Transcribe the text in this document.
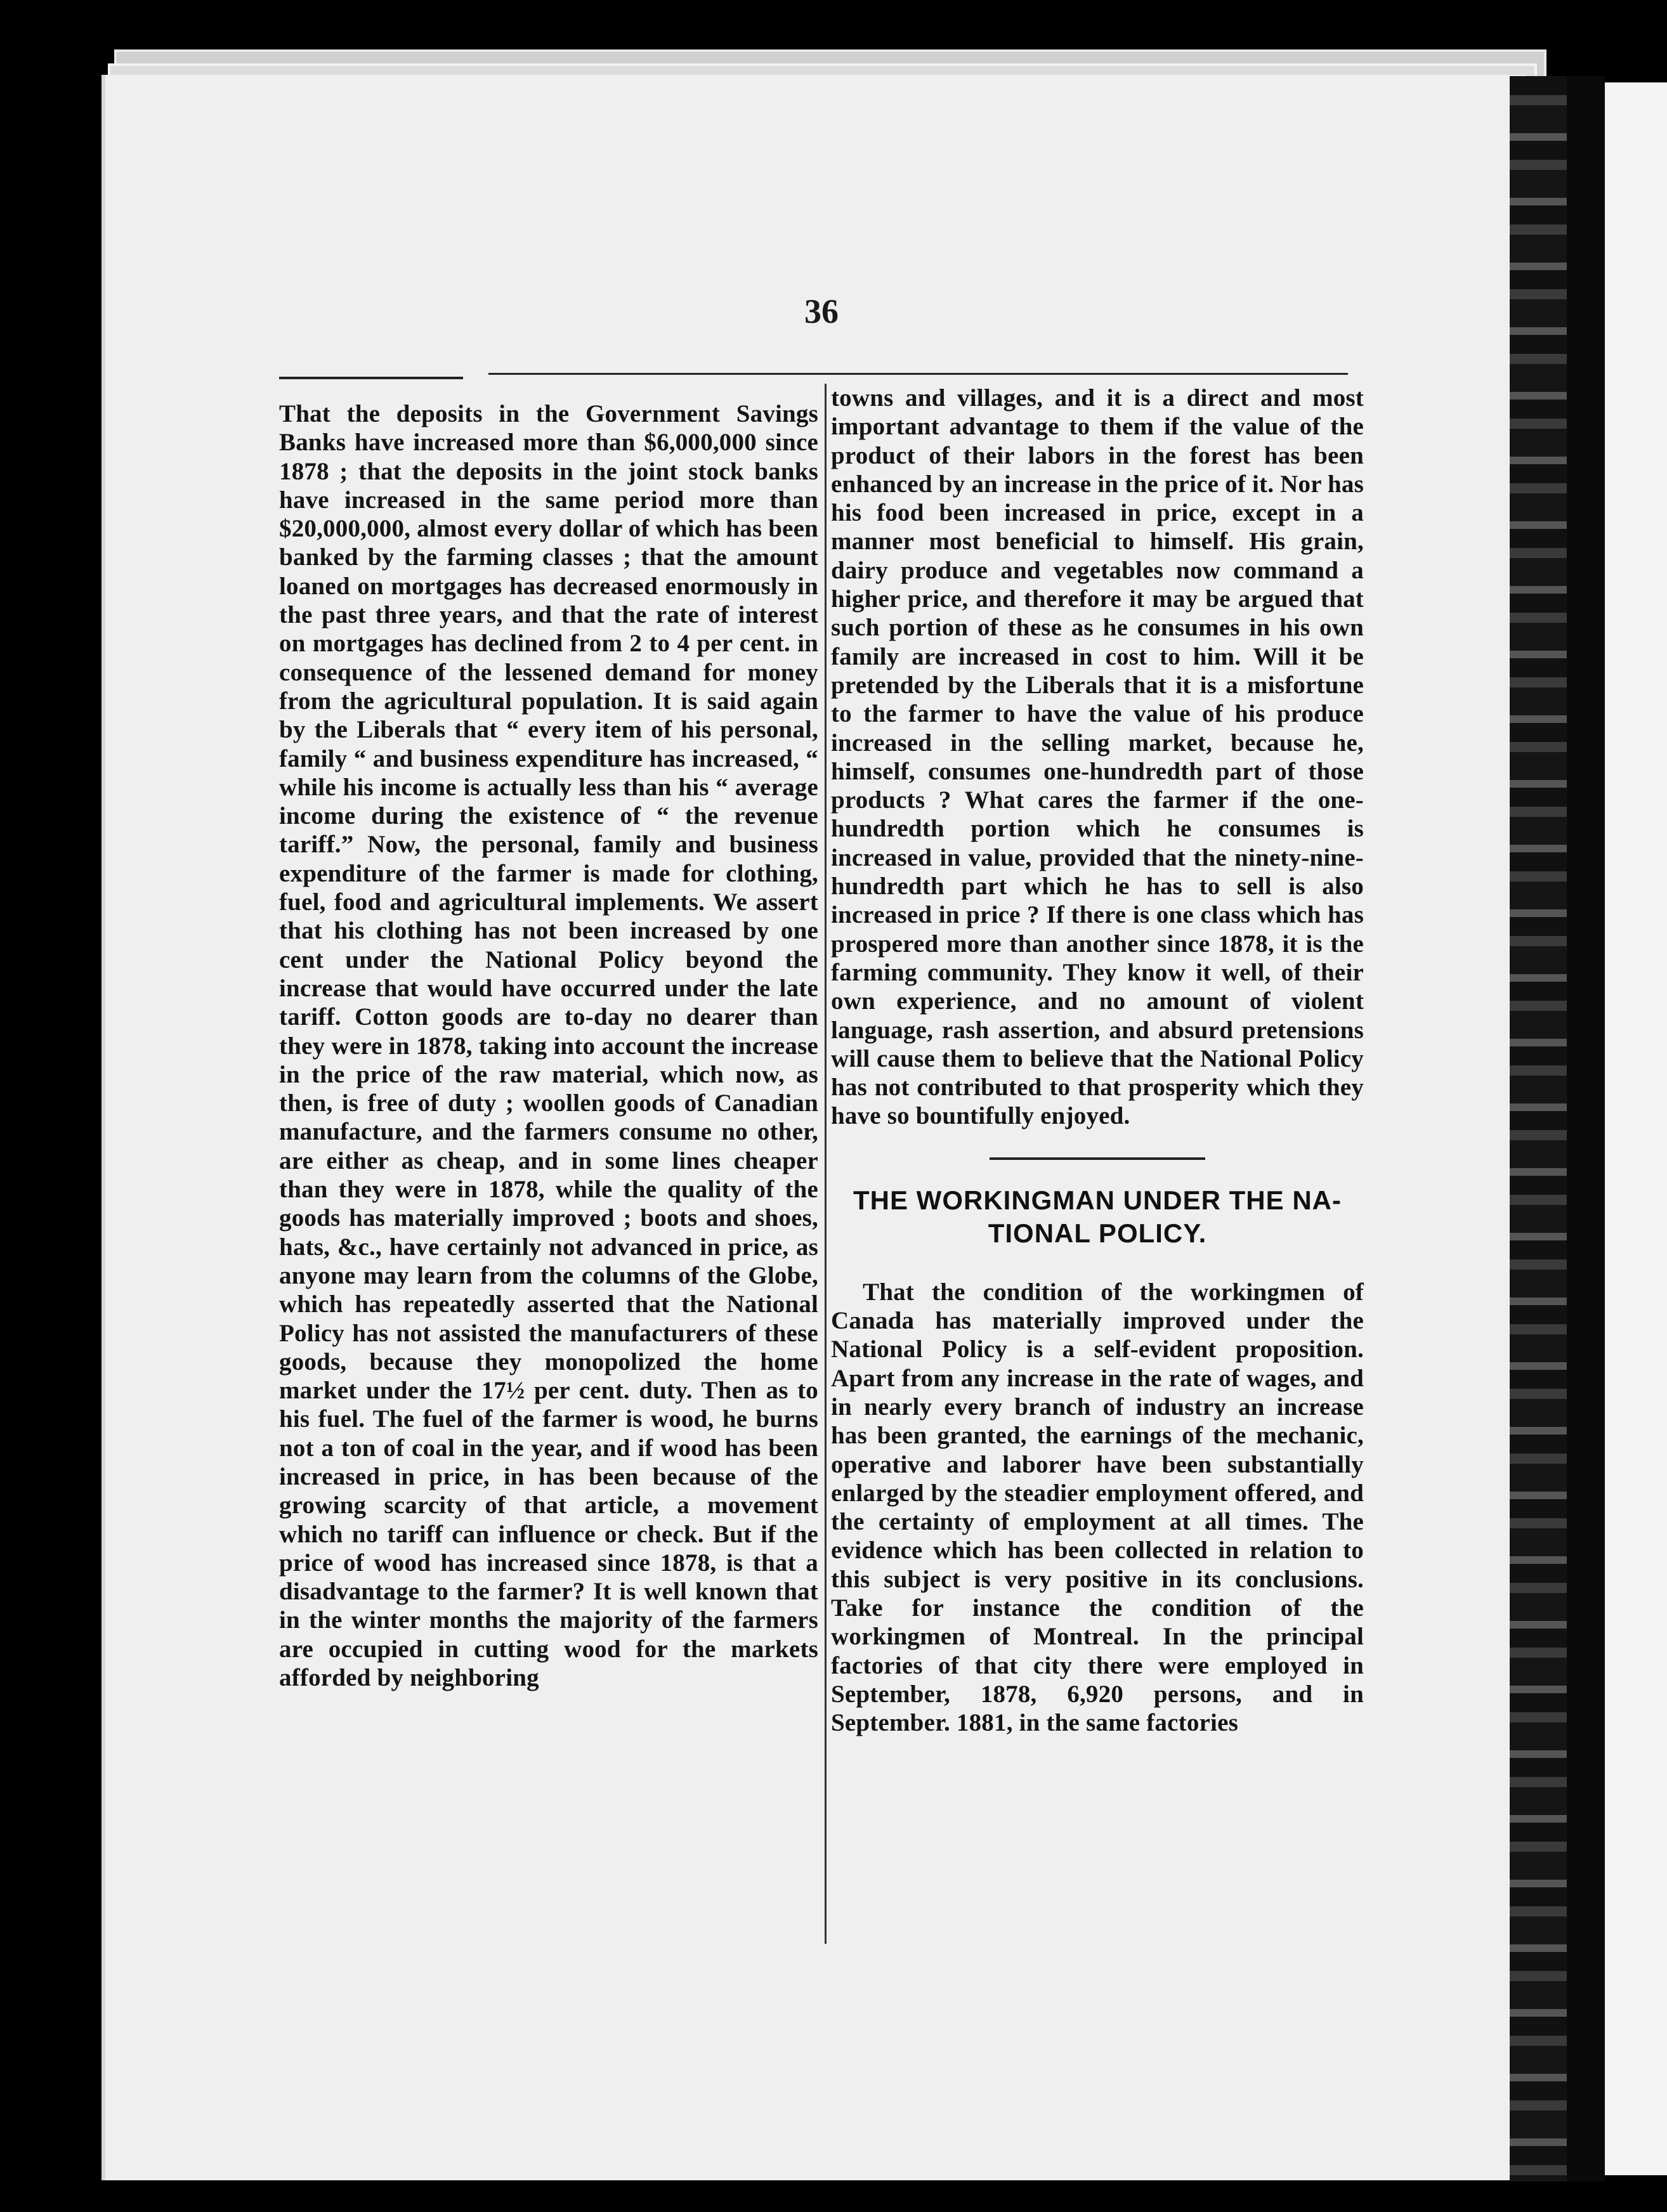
36

That the deposits in the Government Savings Banks have increased more than $6,000,000 since 1878 ; that the deposits in the joint stock banks have increased in the same period more than $20,000,000, almost every dollar of which has been banked by the farming classes ; that the amount loaned on mortgages has decreased enormously in the past three years, and that the rate of interest on mortgages has declined from 2 to 4 per cent. in consequence of the lessened demand for money from the agricultural population. It is said again by the Liberals that “ every item of his personal, family “ and business expenditure has increased, “ while his income is actually less than his “ average income during the existence of “ the revenue tariff.” Now, the personal, family and business expenditure of the farmer is made for clothing, fuel, food and agricultural implements. We assert that his clothing has not been increased by one cent under the National Policy beyond the increase that would have occurred under the late tariff. Cotton goods are to-day no dearer than they were in 1878, taking into account the increase in the price of the raw material, which now, as then, is free of duty ; woollen goods of Canadian manufacture, and the farmers consume no other, are either as cheap, and in some lines cheaper than they were in 1878, while the quality of the goods has materially improved ; boots and shoes, hats, &c., have certainly not advanced in price, as anyone may learn from the columns of the Globe, which has repeatedly asserted that the National Policy has not assisted the manufacturers of these goods, because they monopolized the home market under the 17½ per cent. duty. Then as to his fuel. The fuel of the farmer is wood, he burns not a ton of coal in the year, and if wood has been increased in price, in has been because of the growing scarcity of that article, a movement which no tariff can influence or check. But if the price of wood has increased since 1878, is that a disadvantage to the farmer? It is well known that in the winter months the majority of the farmers are occupied in cutting wood for the markets afforded by neighboring

towns and villages, and it is a direct and most important advantage to them if the value of the product of their labors in the forest has been enhanced by an increase in the price of it. Nor has his food been increased in price, except in a manner most beneficial to himself. His grain, dairy produce and vegetables now command a higher price, and therefore it may be argued that such portion of these as he consumes in his own family are increased in cost to him. Will it be pretended by the Liberals that it is a misfortune to the farmer to have the value of his produce increased in the selling market, because he, himself, consumes one-hundredth part of those products ? What cares the farmer if the one-hundredth portion which he consumes is increased in value, provided that the ninety-nine-hundredth part which he has to sell is also increased in price ? If there is one class which has prospered more than another since 1878, it is the farming community. They know it well, of their own experience, and no amount of violent language, rash assertion, and absurd pretensions will cause them to believe that the National Policy has not contributed to that prosperity which they have so bountifully enjoyed.

THE WORKINGMAN UNDER THE NA-
TIONAL POLICY.

That the condition of the workingmen of Canada has materially improved under the National Policy is a self-evident proposition. Apart from any increase in the rate of wages, and in nearly every branch of industry an increase has been granted, the earnings of the mechanic, operative and laborer have been substantially enlarged by the steadier employment offered, and the certainty of employment at all times. The evidence which has been collected in relation to this subject is very positive in its conclusions. Take for instance the condition of the workingmen of Montreal. In the principal factories of that city there were employed in September, 1878, 6,920 persons, and in September. 1881, in the same factories
